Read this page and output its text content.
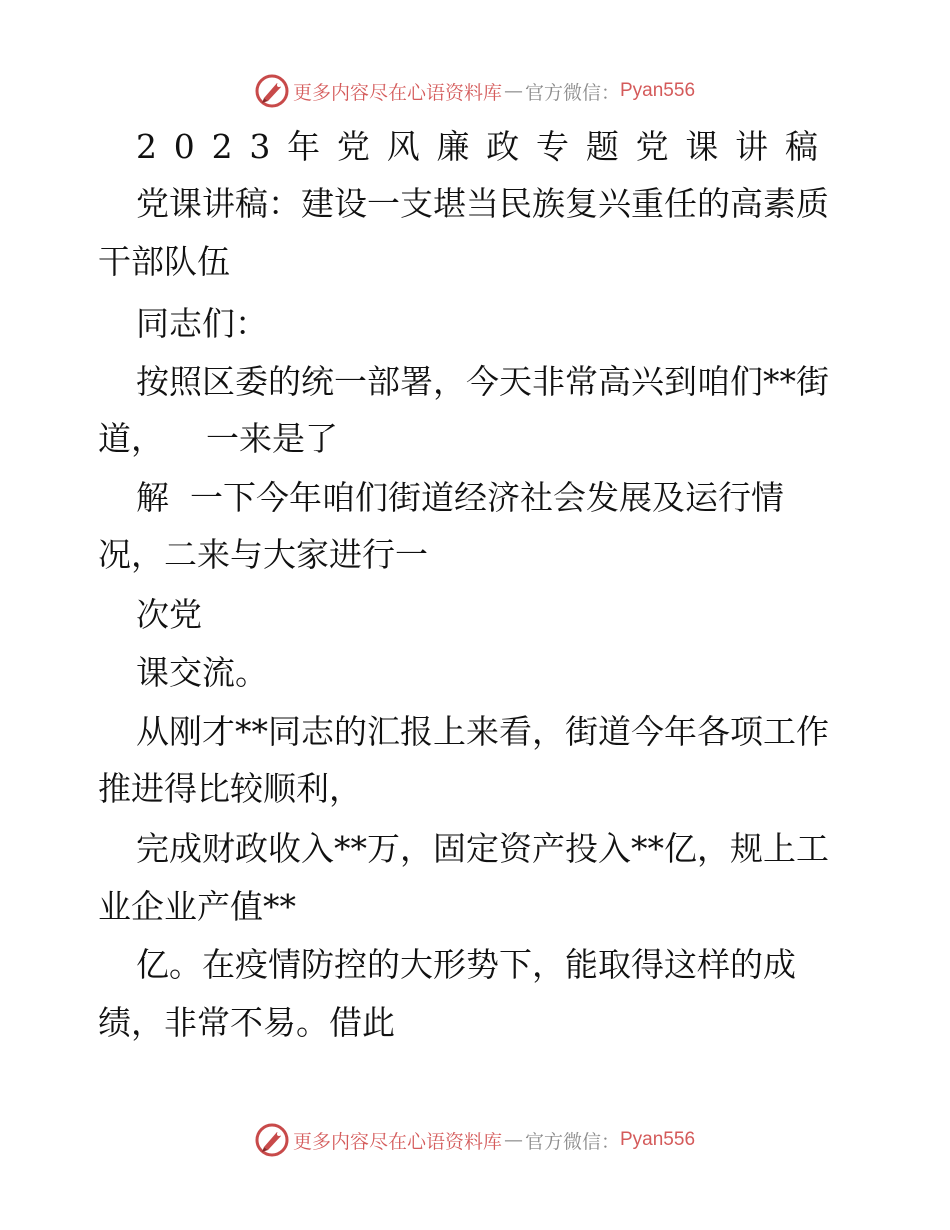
更多内容尽在心语资料库 — 官方微信： Pyan556
2 0 2 3 年 党 风 廉 政 专 题 党 课 讲 稿
党课讲稿：建设一支堪当民族复兴重任的高素质
干部队伍
同志们：
按照区委的统一部署，今天非常高兴到咱们**街
道，    一来是了
解  一下今年咱们街道经济社会发展及运行情
况，二来与大家进行一
次党
课交流。
从刚才**同志的汇报上来看，街道今年各项工作
推进得比较顺利，
完成财政收入**万，固定资产投入**亿，规上工
业企业产值**
亿。在疫情防控的大形势下，能取得这样的成
绩，非常不易。借此
更多内容尽在心语资料库 — 官方微信： Pyan556
